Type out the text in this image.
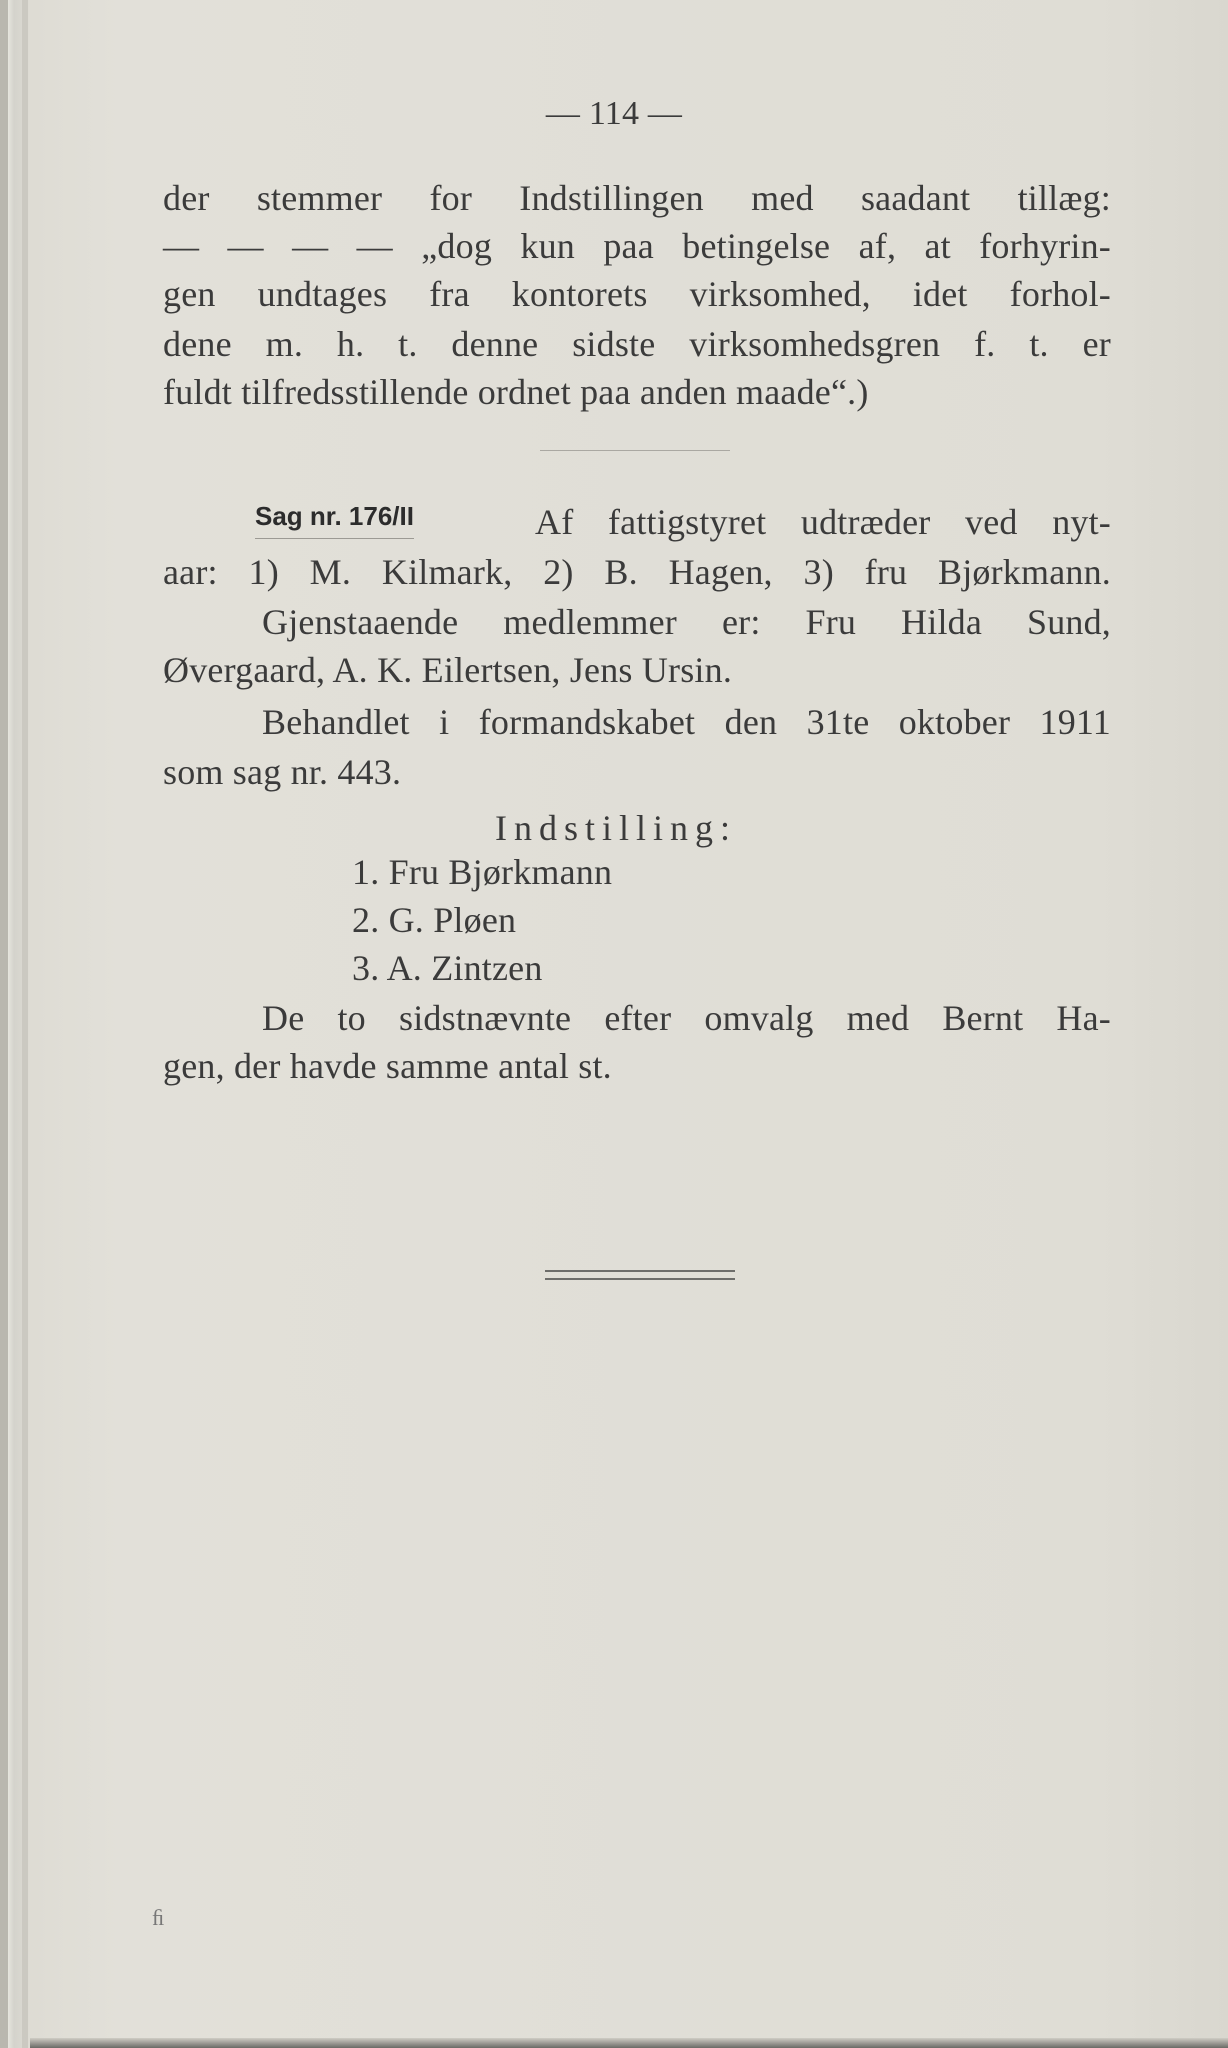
— 114 —
der stemmer for Indstillingen med saadant tillæg:
— — — — „dog kun paa betingelse af, at forhyrin-
gen undtages fra kontorets virksomhed, idet forhol-
dene m. h. t. denne sidste virksomhedsgren f. t. er
fuldt tilfredsstillende ordnet paa anden maade“.)
Sag nr. 176/II	Af fattigstyret udtræder ved nyt-
aar: 1) M. Kilmark, 2) B. Hagen, 3) fru Bjørkmann.
Gjenstaaende medlemmer er: Fru Hilda Sund,
Øvergaard, A. K. Eilertsen, Jens Ursin.
Behandlet i formandskabet den 31te oktober 1911
som sag nr. 443.
Indstilling:
1. Fru Bjørkmann
2. G. Pløen
3. A. Zintzen
De to sidstnævnte efter omvalg med Bernt Ha-
gen, der havde samme antal st.
ﬁ
